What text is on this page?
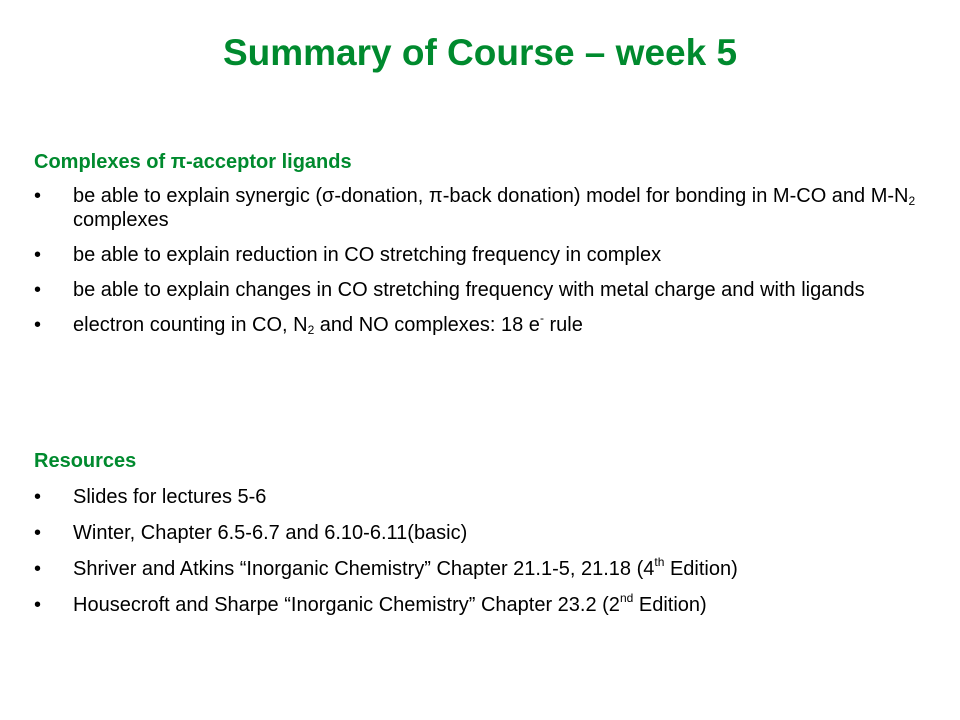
Summary of Course – week 5
Complexes of π-acceptor ligands
•	be able to explain synergic (σ-donation, π-back donation) model for bonding in M-CO and $M-N_2$ complexes
•	be able to explain reduction in CO stretching frequency in complex
•	be able to explain changes in CO stretching frequency with metal charge and with ligands
•	electron counting in CO, $N_2$ and NO complexes: 18 e- rule
Resources
•	Slides for lectures 5-6
•	Winter, Chapter 6.5-6.7 and 6.10-6.11(basic)
•	Shriver and Atkins “Inorganic Chemistry” Chapter 21.1-5, 21.18 (4th Edition)
•	Housecroft and Sharpe “Inorganic Chemistry” Chapter 23.2 (2nd Edition)
